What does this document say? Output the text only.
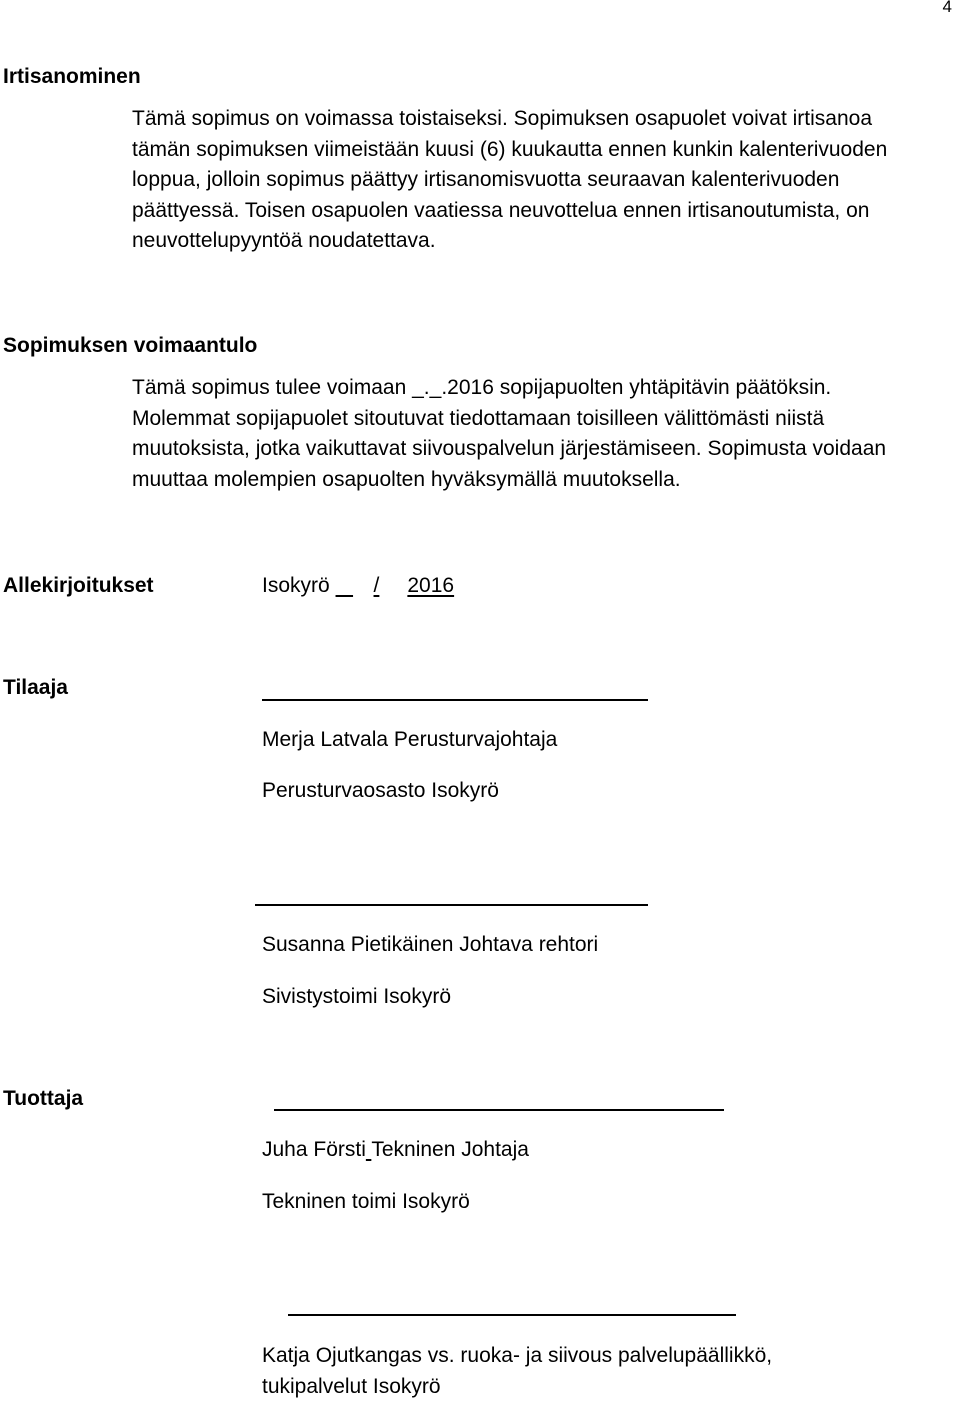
4
Irtisanominen
Tämä sopimus on voimassa toistaiseksi. Sopimuksen osapuolet voivat irtisanoa tämän sopimuksen viimeistään kuusi (6) kuukautta ennen kunkin kalenterivuoden loppua, jolloin sopimus päättyy irtisanomisvuotta seuraavan kalenterivuoden päättyessä. Toisen osapuolen vaatiessa neuvottelua ennen irtisanoutumista, on neuvottelupyyntöä noudatettava.
Sopimuksen voimaantulo
Tämä sopimus tulee voimaan _._.2016 sopijapuolten yhtäpitävin päätöksin. Molemmat sopijapuolet sitoutuvat tiedottamaan toisilleen välittömästi niistä muutoksista, jotka vaikuttavat siivouspalvelun järjestämiseen. Sopimusta voidaan muuttaa molempien osapuolten hyväksymällä muutoksella.
Allekirjoitukset	Isokyrö / 2016
Tilaaja
Merja Latvala Perusturvajohtaja
Perusturvaosasto Isokyrö
Susanna Pietikäinen Johtava rehtori
Sivistystoimi Isokyrö
Tuottaja
Juha Försti Tekninen Johtaja
Tekninen toimi Isokyrö
Katja Ojutkangas vs. ruoka- ja siivous palvelupäällikkö,
tukipalvelut Isokyrö
